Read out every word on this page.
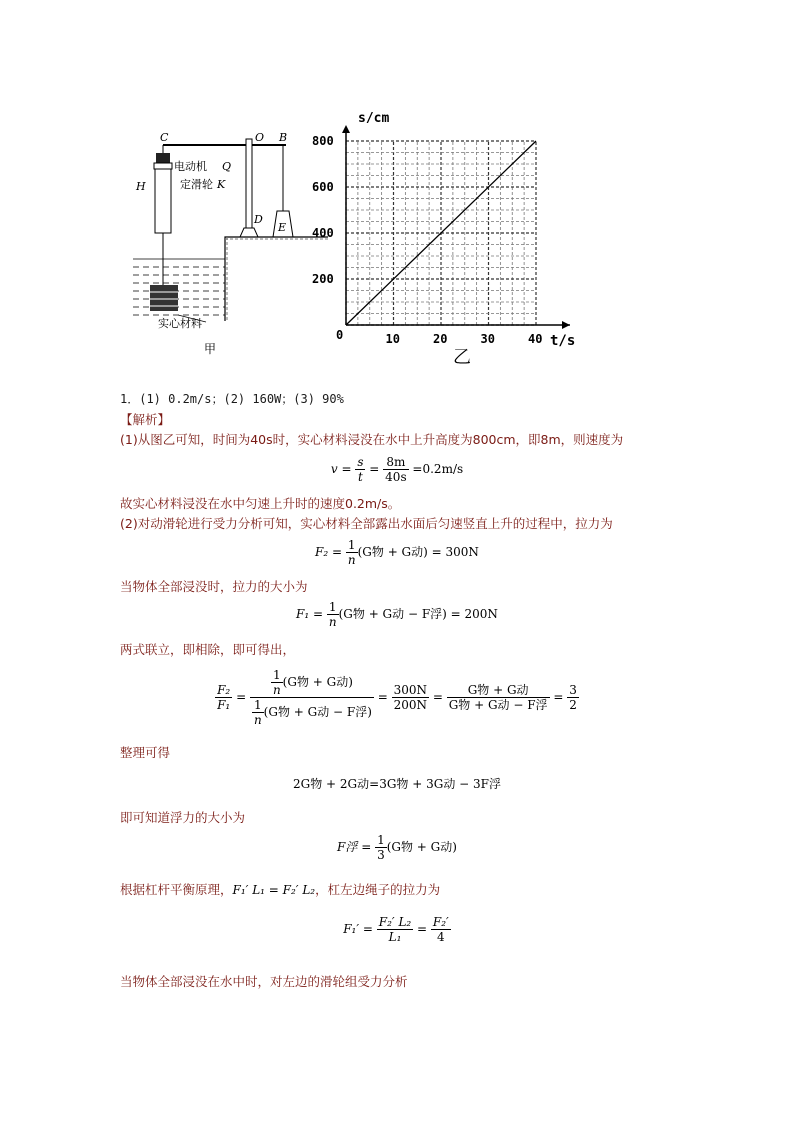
C	O B
电动机 Q
H	定滑轮 K
D
E
实心材料
甲
0	10	20	30	40
200
400
600
800
s/cm
t/s
乙
1．(1) 0.2m/s；(2) 160W；(3) 90%
【解析】
(1)从图乙可知，时间为40s时，实心材料浸没在水中上升高度为800cm，即8m，则速度为
$v = \frac{s}{t} = \frac{8m}{40s} =0.2m/s$
故实心材料浸没在水中匀速上升时的速度0.2m/s。
(2)对动滑轮进行受力分析可知，实心材料全部露出水面后匀速竖直上升的过程中，拉力为
$F_2 = \frac{1}{n} (G$物 + G动) = 300N
当物体全部浸没时，拉力的大小为
$F_1 = \frac{1}{n} (G$物 + G动 − F浮) = 200N
两式联立，即相除，即可得出，
$\frac{\text{F₂}}{\text{F₁}} = \frac{\frac{1}{n} (G物 + G动)}{\frac{1}{n} (G物 + G动 - F浮)} = \frac{300N}{200N} = \frac{\text{G物 + G动}}{\text{G物 + G动 − F浮}} = \frac{3}{2}$
整理可得
2G物 + 2G动=3G物 + 3G动 − 3F浮
即可知道浮力的大小为
F浮 = $\frac{1}{3} (G$物 + G动)
根据杠杆平衡原理，F₁′ L₁ = F₂′ L₂，杠左边绳子的拉力为
$F_1' = \frac{\text{F₂′ L₂}}{\text{L₁}} = \frac{\text{F₂′}}{4}$
当物体全部浸没在水中时，对左边的滑轮组受力分析
